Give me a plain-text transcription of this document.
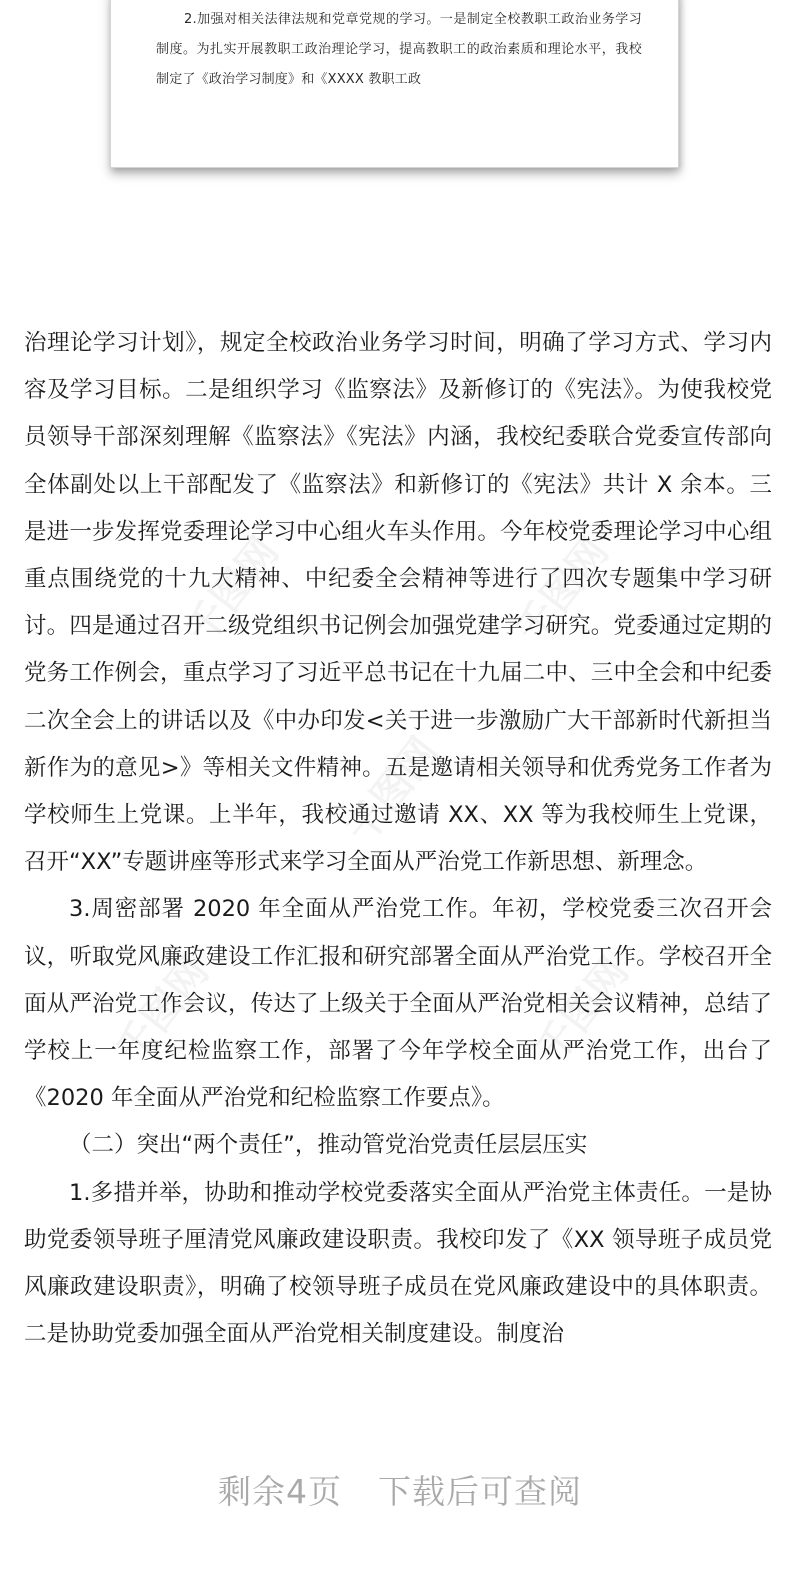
2.加强对相关法律法规和党章党规的学习。一是制定全校教职工政治业务学习制度。为扎实开展教职工政治理论学习，提高教职工的政治素质和理论水平，我校制定了《政治学习制度》和《XXXX 教职工政

千图网	千图网
千图网
千图网	千图网

治理论学习计划》，规定全校政治业务学习时间，明确了学习方式、学习内容及学习目标。二是组织学习《监察法》及新修订的《宪法》。为使我校党员领导干部深刻理解《监察法》《宪法》内涵，我校纪委联合党委宣传部向全体副处以上干部配发了《监察法》和新修订的《宪法》共计 X 余本。三是进一步发挥党委理论学习中心组火车头作用。今年校党委理论学习中心组重点围绕党的十九大精神、中纪委全会精神等进行了四次专题集中学习研讨。四是通过召开二级党组织书记例会加强党建学习研究。党委通过定期的党务工作例会，重点学习了习近平总书记在十九届二中、三中全会和中纪委二次全会上的讲话以及《中办印发<关于进一步激励广大干部新时代新担当新作为的意见>》等相关文件精神。五是邀请相关领导和优秀党务工作者为学校师生上党课。上半年，我校通过邀请 XX、XX 等为我校师生上党课，召开“XX”专题讲座等形式来学习全面从严治党工作新思想、新理念。

3.周密部署 2020 年全面从严治党工作。年初，学校党委三次召开会议，听取党风廉政建设工作汇报和研究部署全面从严治党工作。学校召开全面从严治党工作会议，传达了上级关于全面从严治党相关会议精神，总结了学校上一年度纪检监察工作，部署了今年学校全面从严治党工作，出台了《2020 年全面从严治党和纪检监察工作要点》。

（二）突出“两个责任”，推动管党治党责任层层压实

1.多措并举，协助和推动学校党委落实全面从严治党主体责任。一是协助党委领导班子厘清党风廉政建设职责。我校印发了《XX 领导班子成员党风廉政建设职责》，明确了校领导班子成员在党风廉政建设中的具体职责。二是协助党委加强全面从严治党相关制度建设。制度治

剩余4页 下载后可查阅
